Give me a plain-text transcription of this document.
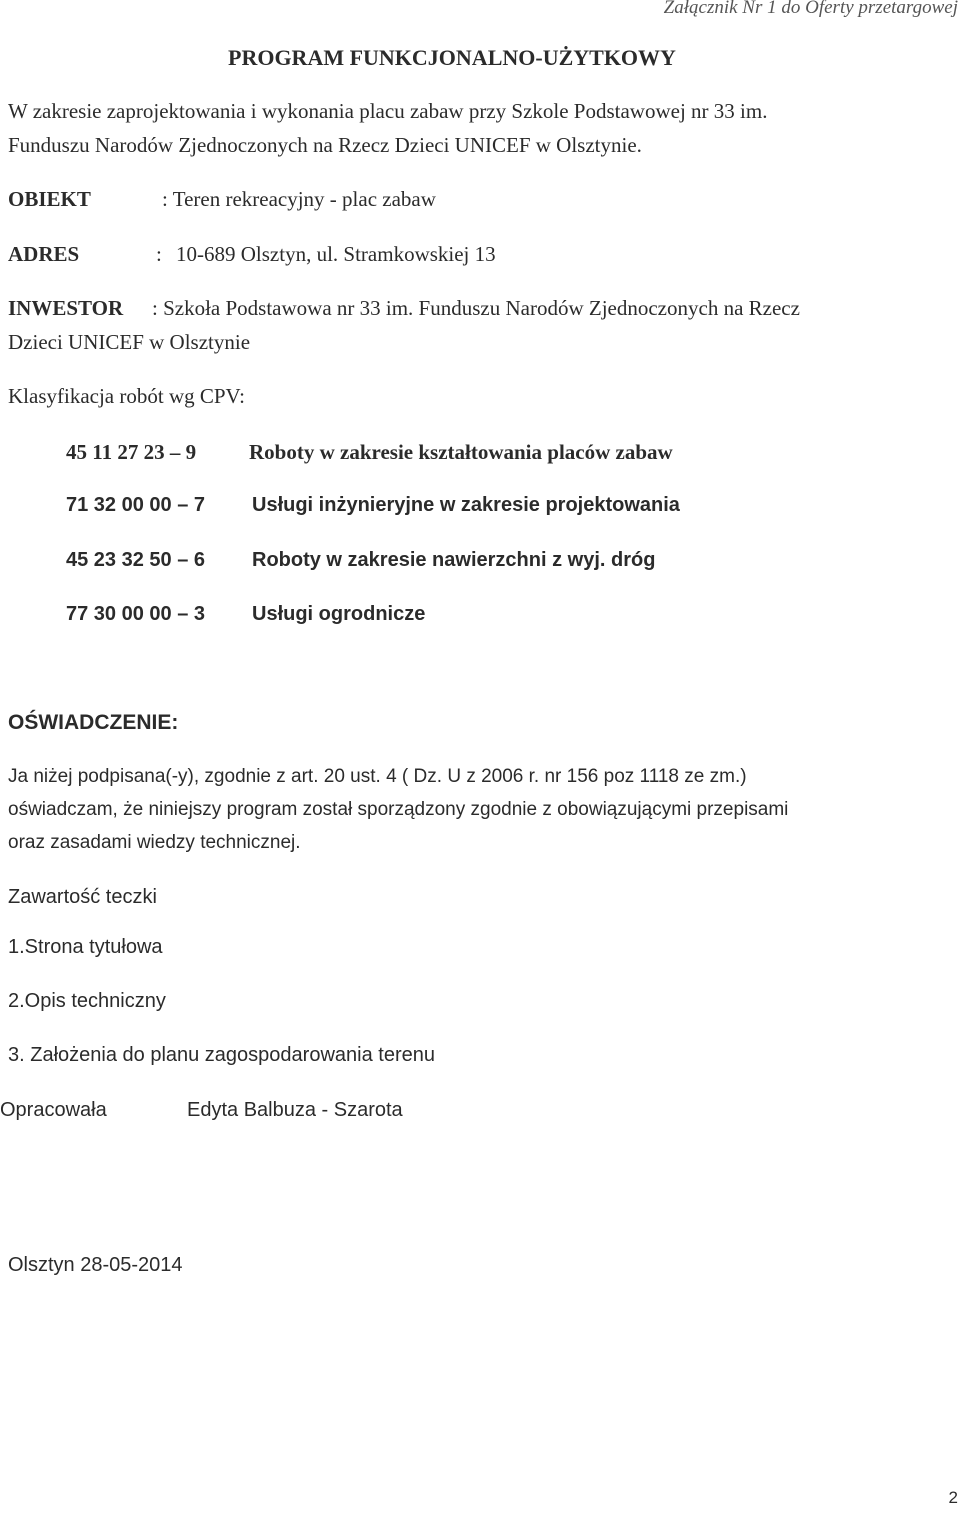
Załącznik Nr 1 do Oferty przetargowej
PROGRAM FUNKCJONALNO-UŻYTKOWY
W zakresie zaprojektowania i wykonania placu zabaw przy Szkole Podstawowej nr 33 im.
Funduszu Narodów Zjednoczonych na Rzecz Dzieci UNICEF w Olsztynie.
OBIEKT	: Teren rekreacyjny - plac zabaw
ADRES	: 10-689 Olsztyn, ul. Stramkowskiej 13
INWESTOR : Szkoła Podstawowa nr 33 im. Funduszu Narodów Zjednoczonych na Rzecz
Dzieci UNICEF w Olsztynie
Klasyfikacja robót wg CPV:
45 11 27 23 – 9	Roboty w zakresie kształtowania placów zabaw
71 32 00 00 – 7 Usługi inżynieryjne w zakresie projektowania
45 23 32 50 – 6 Roboty w zakresie nawierzchni z wyj. dróg
77 30 00 00 – 3 Usługi ogrodnicze
OŚWIADCZENIE:
Ja niżej podpisana(-y), zgodnie z art. 20 ust. 4 ( Dz. U z 2006 r. nr 156 poz 1118 ze zm.)
oświadczam, że niniejszy program został sporządzony zgodnie z obowiązującymi przepisami
oraz zasadami wiedzy technicznej.
Zawartość teczki
1.Strona tytułowa
2.Opis techniczny
3. Założenia do planu zagospodarowania terenu
Opracowała	Edyta Balbuza - Szarota
Olsztyn 28-05-2014
2
